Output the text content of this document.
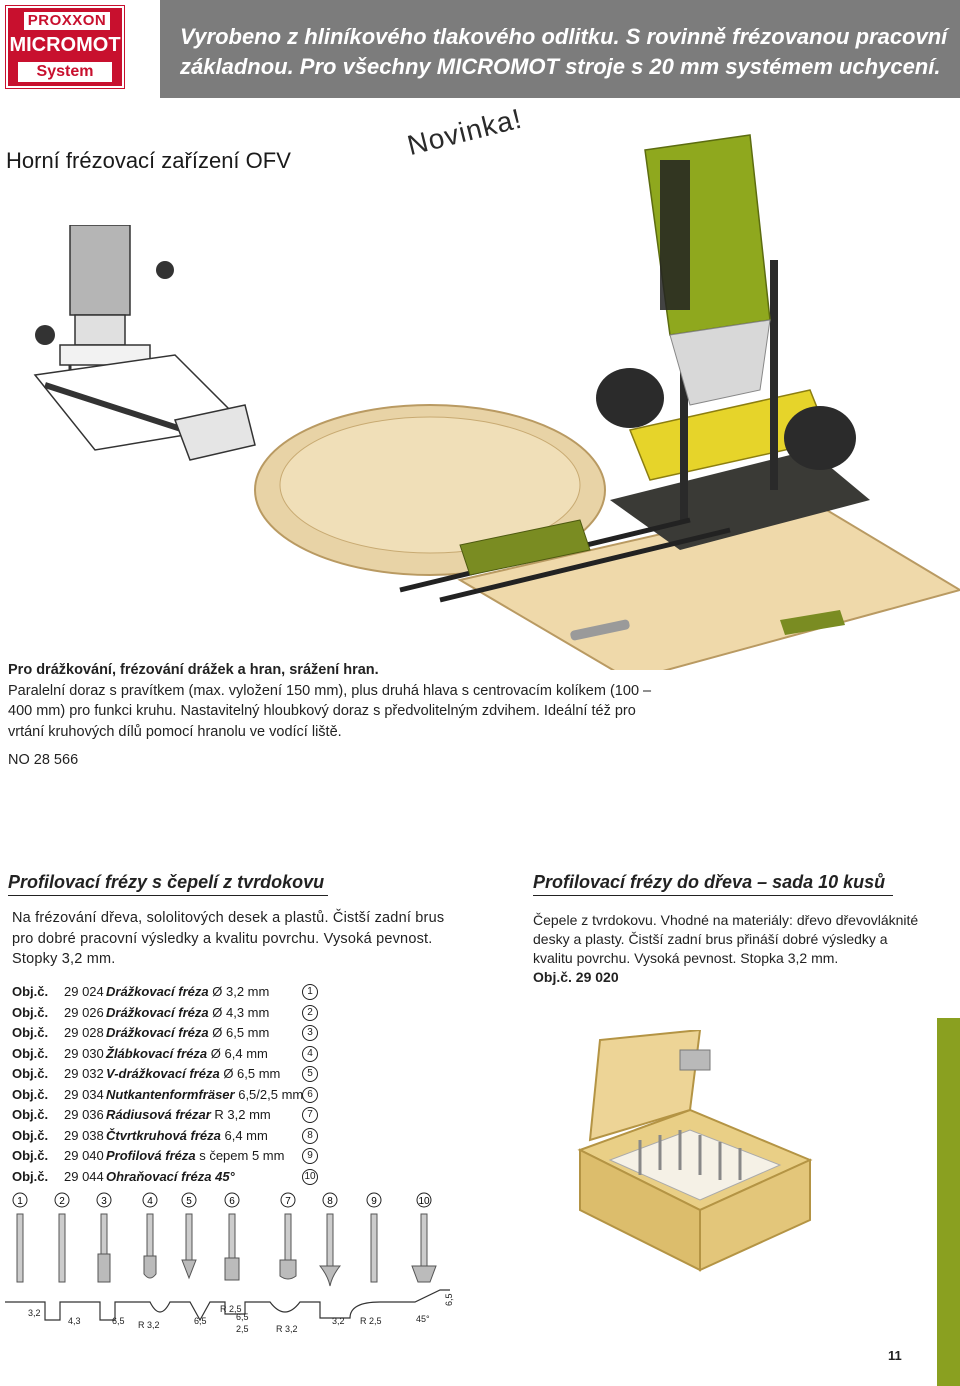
PROXXON
MICROMOT
System
Vyrobeno z hliníkového tlakového odlitku. S rovinně frézovanou pracovní základnou. Pro všechny MICROMOT stroje s 20 mm systémem uchycení.
Horní frézovací zařízení OFV	Novinka!
Pro drážkování, frézování drážek a hran, srážení hran.
Paralelní doraz s pravítkem (max. vyložení 150 mm), plus druhá hlava s centrovacím kolíkem (100 – 400 mm) pro funkci kruhu. Nastavitelný hloubkový doraz s předvolitelným zdvihem. Ideální též pro vrtání kruhových dílů pomocí hranolu ve vodící liště.
NO 28 566
Profilovací frézy s čepelí z tvrdokovu
Na frézování dřeva, sololitových desek a plastů. Čistší zadní brus pro dobré pracovní výsledky a kvalitu povrchu. Vysoká pevnost. Stopky 3,2 mm.
Obj.č. 29 024 Drážkovací fréza Ø 3,2 mm	1
Obj.č. 29 026 Drážkovací fréza Ø 4,3 mm	2
Obj.č. 29 028 Drážkovací fréza Ø 6,5 mm	3
Obj.č. 29 030 Žlábkovací fréza Ø 6,4 mm	4
Obj.č. 29 032 V-drážkovací fréza Ø 6,5 mm	5
Obj.č. 29 034 Nutkantenformfräser 6,5/2,5 mm 6
Obj.č. 29 036 Rádiusová frézar R 3,2 mm	7
Obj.č. 29 038 Čtvrtkruhová fréza 6,4 mm	8
Obj.č. 29 040 Profilová fréza s čepem 5 mm	9
Obj.č. 29 044 Ohraňovací fréza 45°	10
1	2	3	4	5	6	7	8	9	10
3,2
4,3	6,5 R 3,2	6,5
R 2,5
6,5
2,5	R 3,2
3,2 R 2,5	45°
6,5
Profilovací frézy do dřeva – sada 10 kusů
Čepele z tvrdokovu. Vhodné na materiály: dřevo dřevovláknité desky a plasty. Čistší zadní brus přináší dobré výsledky a kvalitu povrchu. Vysoká pevnost. Stopka 3,2 mm.
Obj.č. 29 020
11
